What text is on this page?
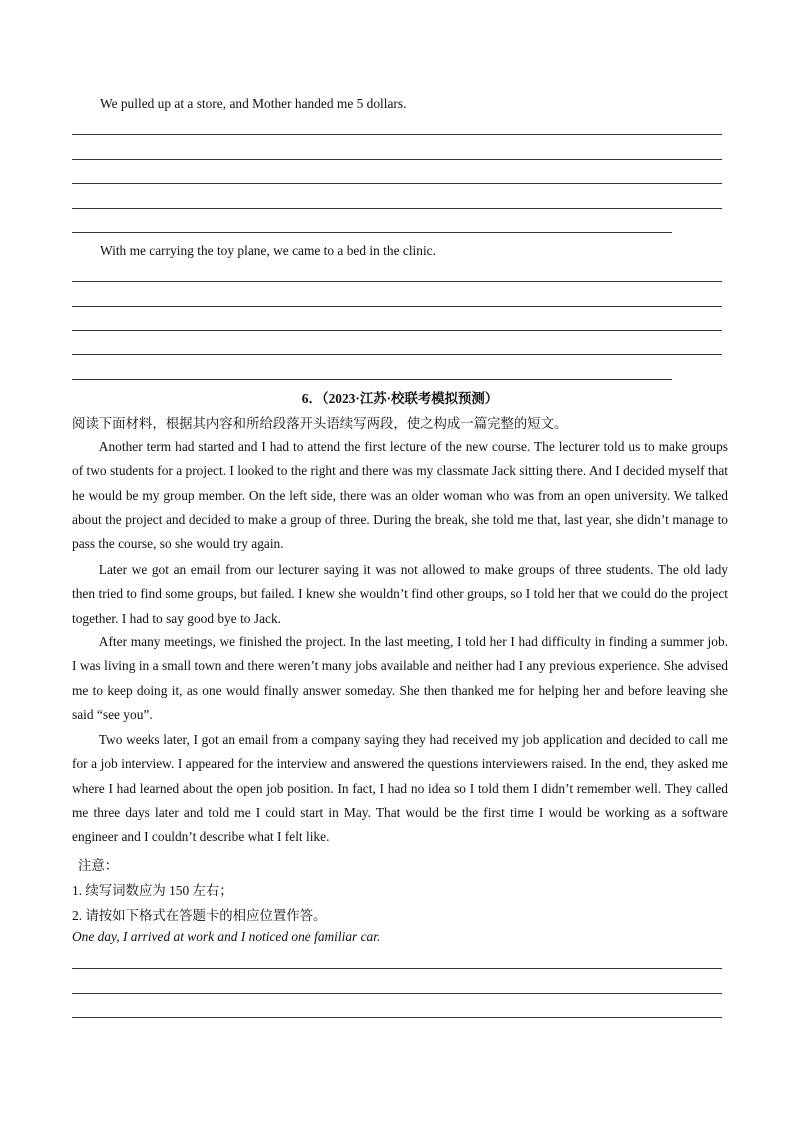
We pulled up at a store, and Mother handed me 5 dollars.
With me carrying the toy plane, we came to a bed in the clinic.
6．（2023·江苏·校联考模拟预测）
阅读下面材料，根据其内容和所给段落开头语续写两段，使之构成一篇完整的短文。

Another term had started and I had to attend the first lecture of the new course. The lecturer told us to make groups of two students for a project. I looked to the right and there was my classmate Jack sitting there. And I decided myself that he would be my group member. On the left side, there was an older woman who was from an open university. We talked about the project and decided to make a group of three. During the break, she told me that, last year, she didn’t manage to pass the course, so she would try again.

Later we got an email from our lecturer saying it was not allowed to make groups of three students. The old lady then tried to find some groups, but failed. I knew she wouldn’t find other groups, so I told her that we could do the project together. I had to say good bye to Jack.

After many meetings, we finished the project. In the last meeting, I told her I had difficulty in finding a summer job. I was living in a small town and there weren’t many jobs available and neither had I any previous experience. She advised me to keep doing it, as one would finally answer someday. She then thanked me for helping her and before leaving she said “see you”.

Two weeks later, I got an email from a company saying they had received my job application and decided to call me for a job interview. I appeared for the interview and answered the questions interviewers raised. In the end, they asked me where I had learned about the open job position. In fact, I had no idea so I told them I didn’t remember well. They called me three days later and told me I could start in May. That would be the first time I would be working as a software engineer and I couldn’t describe what I felt like.

注意：
1. 续写词数应为 150 左右；
2. 请按如下格式在答题卡的相应位置作答。
One day, I arrived at work and I noticed one familiar car.
